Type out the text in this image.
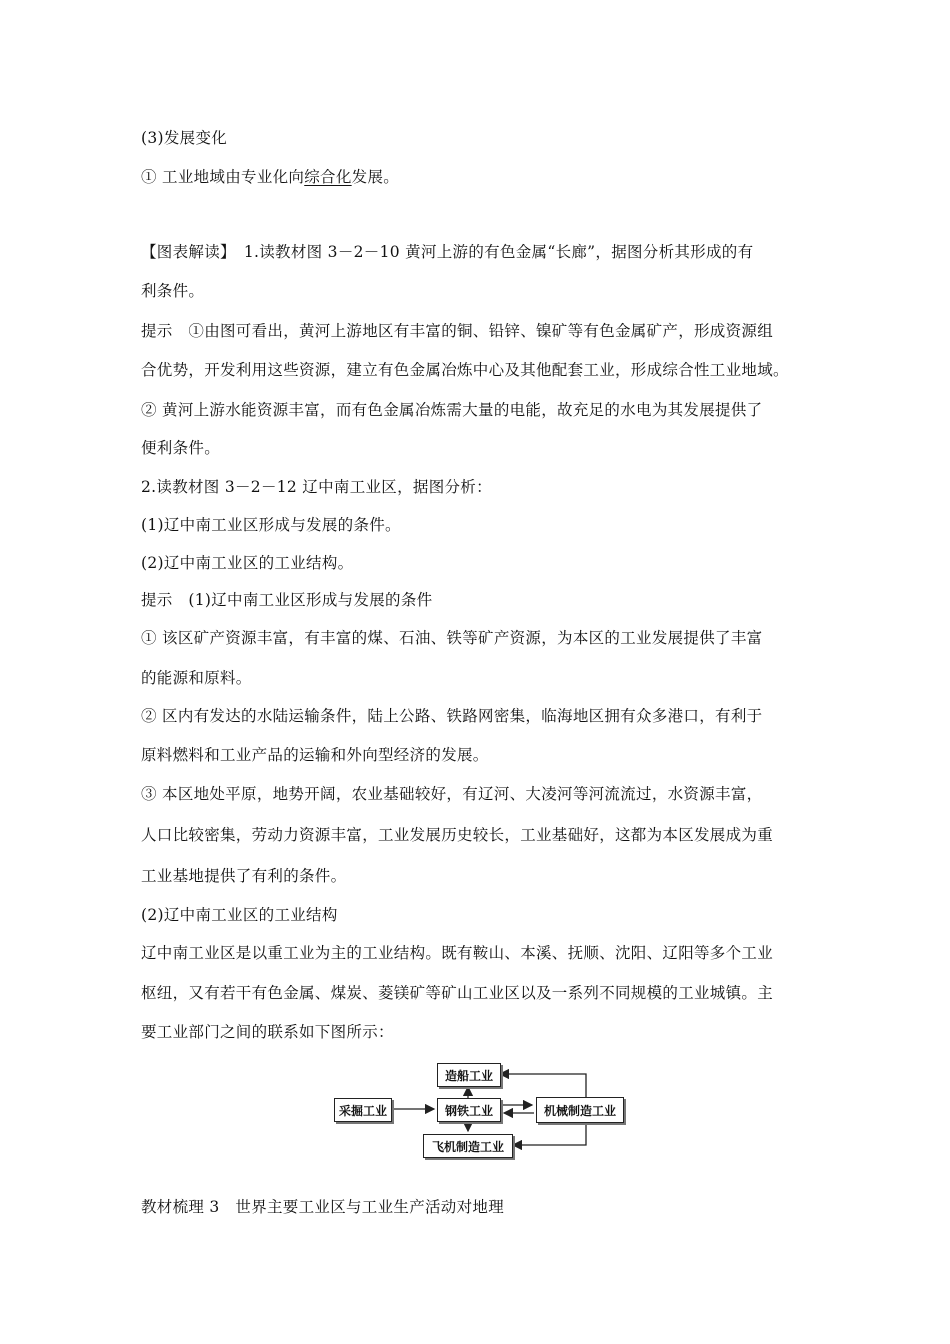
(3)发展变化
① 工业地域由专业化向综合化发展。
【图表解读】　1.读教材图 3－2－10 黄河上游的有色金属“长廊”，据图分析其形成的有
利条件。
提示　①由图可看出，黄河上游地区有丰富的铜、铅锌、镍矿等有色金属矿产，形成资源组
合优势，开发利用这些资源，建立有色金属冶炼中心及其他配套工业，形成综合性工业地域。
② 黄河上游水能资源丰富，而有色金属冶炼需大量的电能，故充足的水电为其发展提供了
便利条件。
2.读教材图 3－2－12 辽中南工业区，据图分析：
(1)辽中南工业区形成与发展的条件。
(2)辽中南工业区的工业结构。
提示　(1)辽中南工业区形成与发展的条件
① 该区矿产资源丰富，有丰富的煤、石油、铁等矿产资源，为本区的工业发展提供了丰富
的能源和原料。
② 区内有发达的水陆运输条件，陆上公路、铁路网密集，临海地区拥有众多港口，有利于
原料燃料和工业产品的运输和外向型经济的发展。
③ 本区地处平原，地势开阔，农业基础较好，有辽河、大凌河等河流流过，水资源丰富，
人口比较密集，劳动力资源丰富，工业发展历史较长，工业基础好，这都为本区发展成为重
工业基地提供了有利的条件。
(2)辽中南工业区的工业结构
辽中南工业区是以重工业为主的工业结构。既有鞍山、本溪、抚顺、沈阳、辽阳等多个工业
枢纽，又有若干有色金属、煤炭、菱镁矿等矿山工业区以及一系列不同规模的工业城镇。主
要工业部门之间的联系如下图所示：
采掘工业	钢铁工业
造船工业
机械制造工业
飞机制造工业
教材梳理 3　世界主要工业区与工业生产活动对地理
